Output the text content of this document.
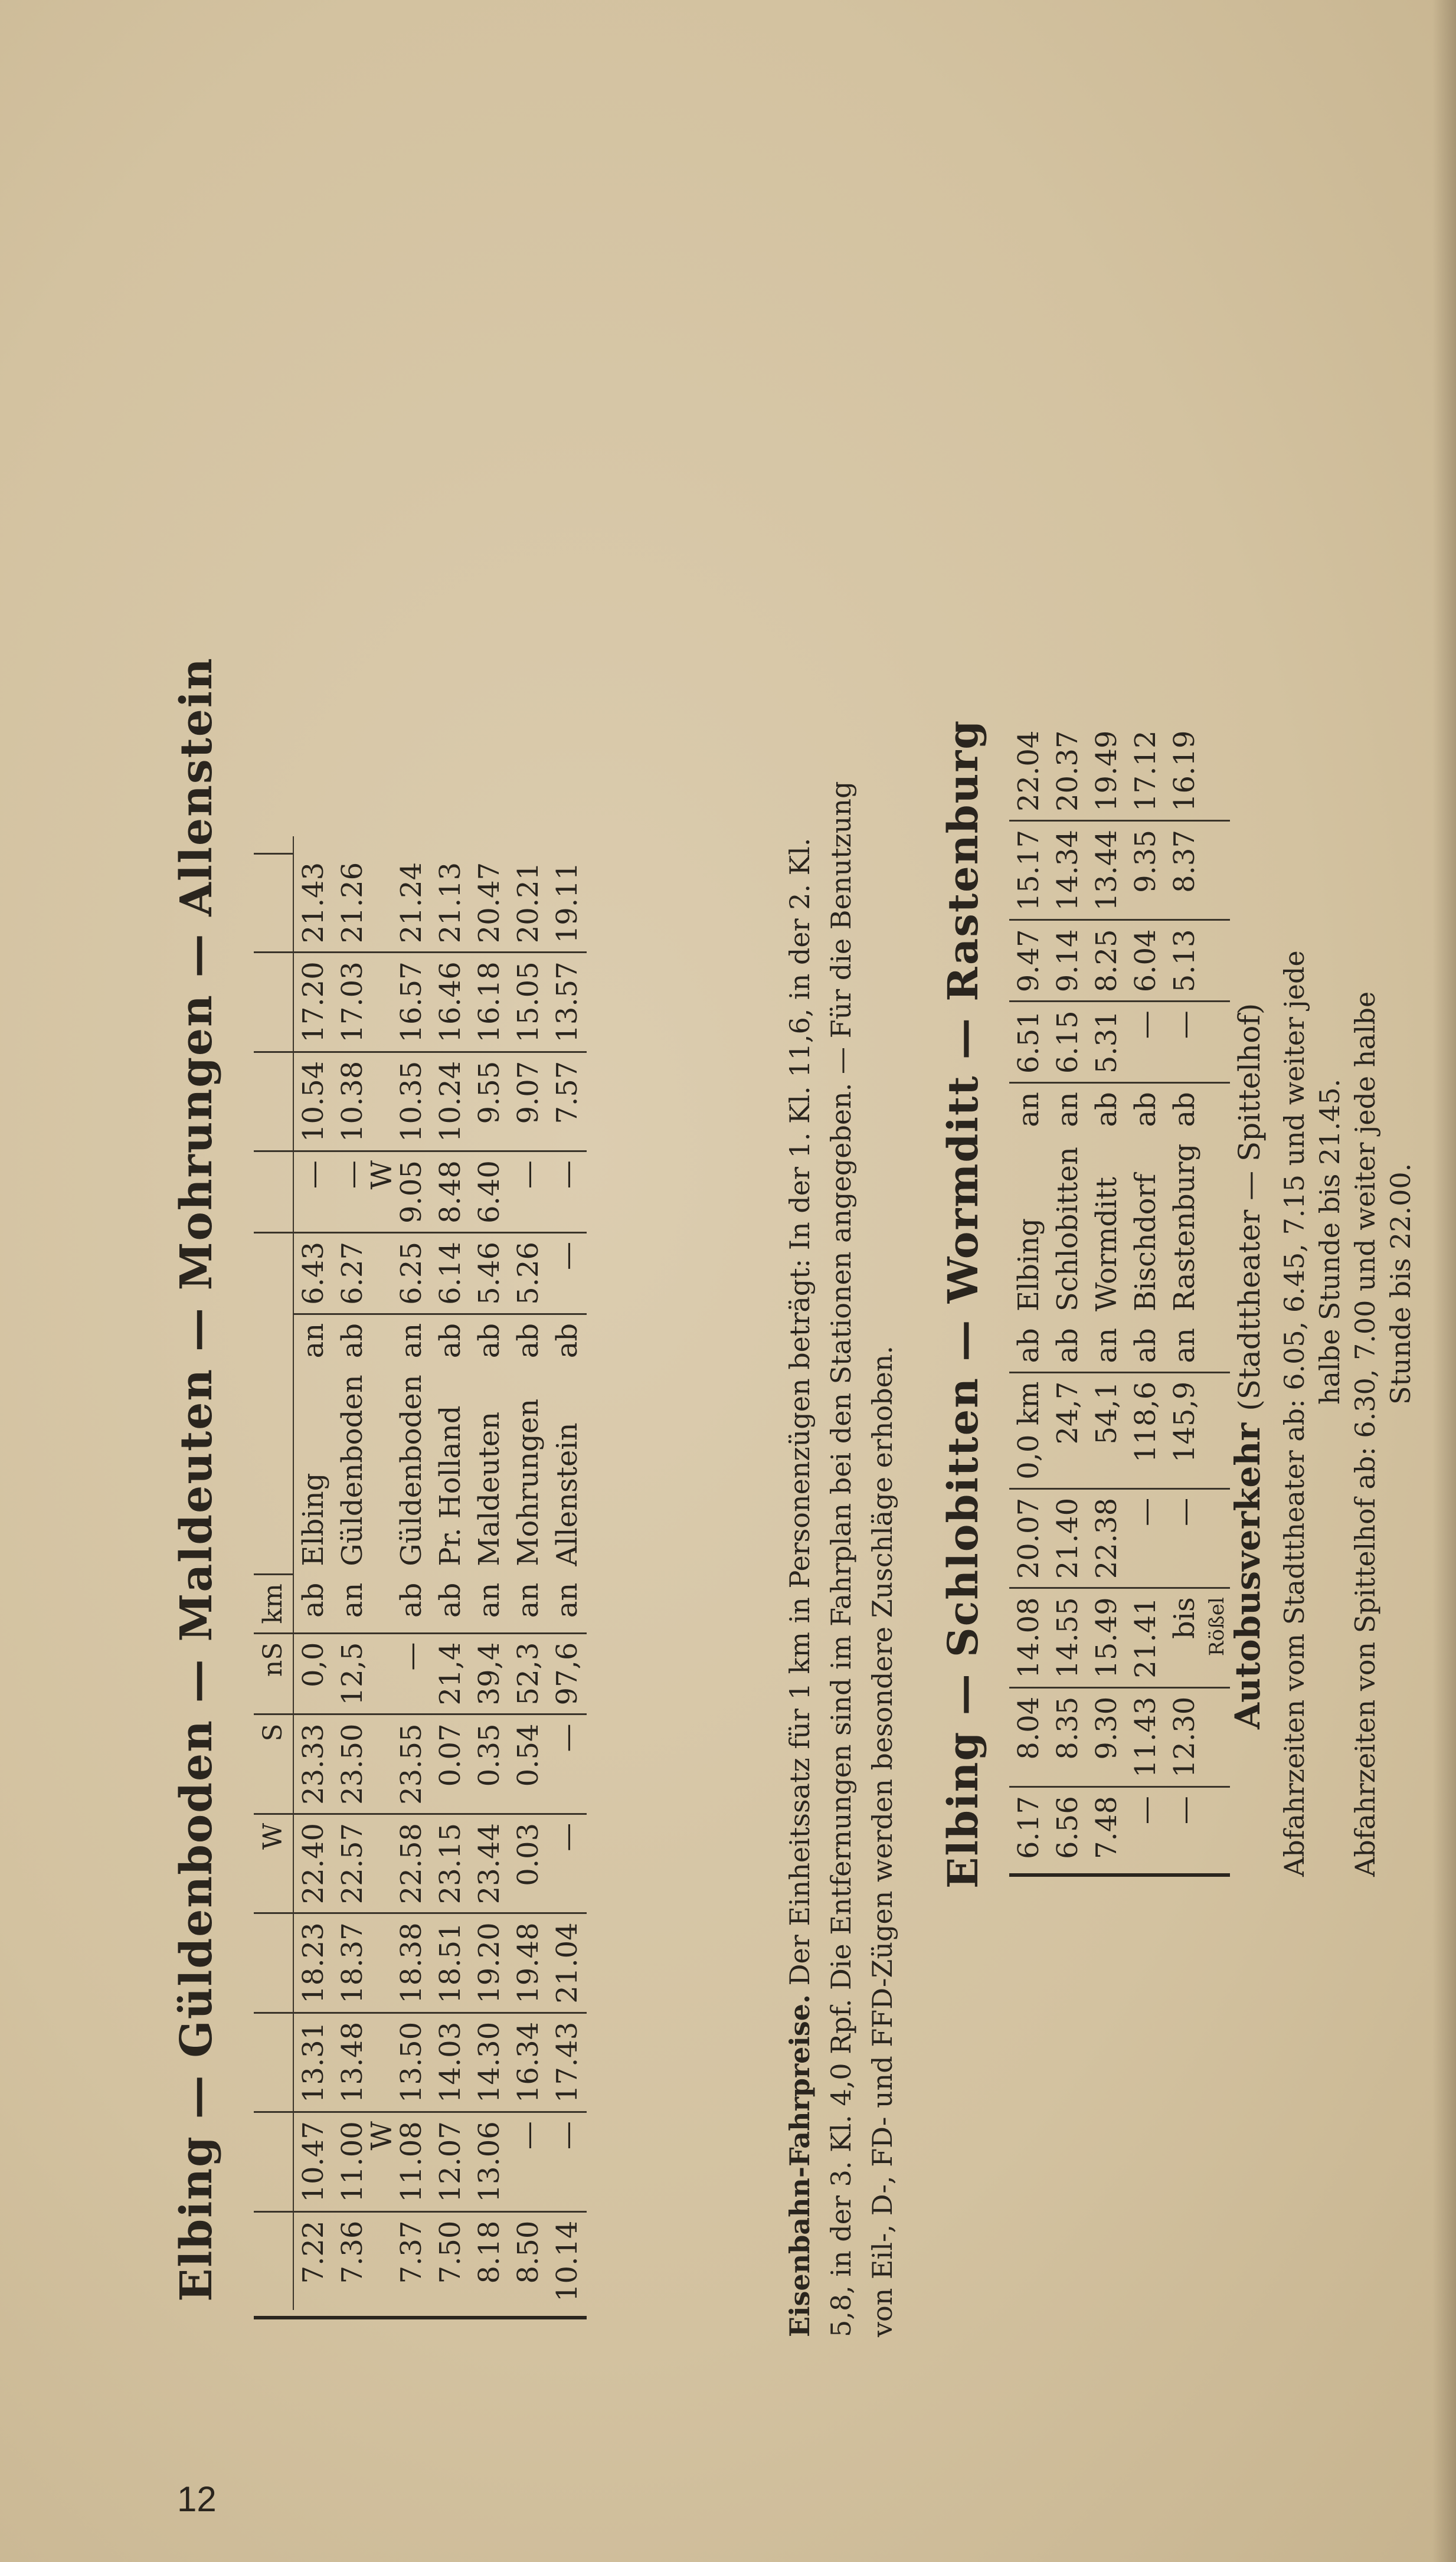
12
Elbing — Güldenboden — Maldeuten — Mohrungen — Allenstein
				W	S	nS	km								
7.22	10.47	13.31	18.23	22.40	23.33	0,0	ab	Elbing	an	6.43	—	10.54	17.20	21.43	
7.36	11.00	13.48	18.37	22.57	23.50	12,5	an	Güldenboden	ab	6.27	—	10.38	17.03	21.26	
	W										W				
7.37	11.08	13.50	18.38	22.58	23.55	—	ab	Güldenboden	an	6.25	9.05	10.35	16.57	21.24	
7.50	12.07	14.03	18.51	23.15	0.07	21,4	ab	Pr. Holland	ab	6.14	8.48	10.24	16.46	21.13	
8.18	13.06	14.30	19.20	23.44	0.35	39,4	an	Maldeuten	ab	5.46	6.40	9.55	16.18	20.47	
8.50	—	16.34	19.48	0.03	0.54	52,3	an	Mohrungen	ab	5.26	—	9.07	15.05	20.21	
10.14	—	17.43	21.04	—	—	97,6	an	Allenstein	ab	—	—	7.57	13.57	19.11	
Eisenbahn-Fahrpreise. Der Einheitssatz für 1 km in Personenzügen beträgt: In der 1. Kl. 11,6, in der 2. Kl. 5,8, in der 3. Kl. 4,0 Rpf. Die Entfernungen sind im Fahrplan bei den Stationen angegeben. — Für die Benutzung von Eil-, D-, FD- und FFD-Zügen werden besondere Zuschläge erhoben. Elbing — Schlobitten — Wormditt — Rastenburg 6.17	8.04	14.08	20.07	0,0 km	ab	Elbing	an	6.51	9.47	15.17	22.04
6.56	8.35	14.55	21.40	24,7	ab	Schlobitten	an	6.15	9.14	14.34	20.37
7.48	9.30	15.49	22.38	54,1	an	Wormditt	ab	5.31	8.25	13.44	19.49
—	11.43	21.41	—	118,6	ab	Bischdorf	ab	—	6.04	9.35	17.12
—	12.30	bis	—	145,9	an	Rastenburg	ab	—	5.13	8.37	16.19
		Rößel									
Autobusverkehr (Stadttheater — Spittelhof) Abfahrzeiten vom Stadttheater ab: 6.05, 6.45, 7.15 und weiter jede halbe Stunde bis 21.45. Abfahrzeiten von Spittelhof ab: 6.30, 7.00 und weiter jede halbe Stunde bis 22.00.
